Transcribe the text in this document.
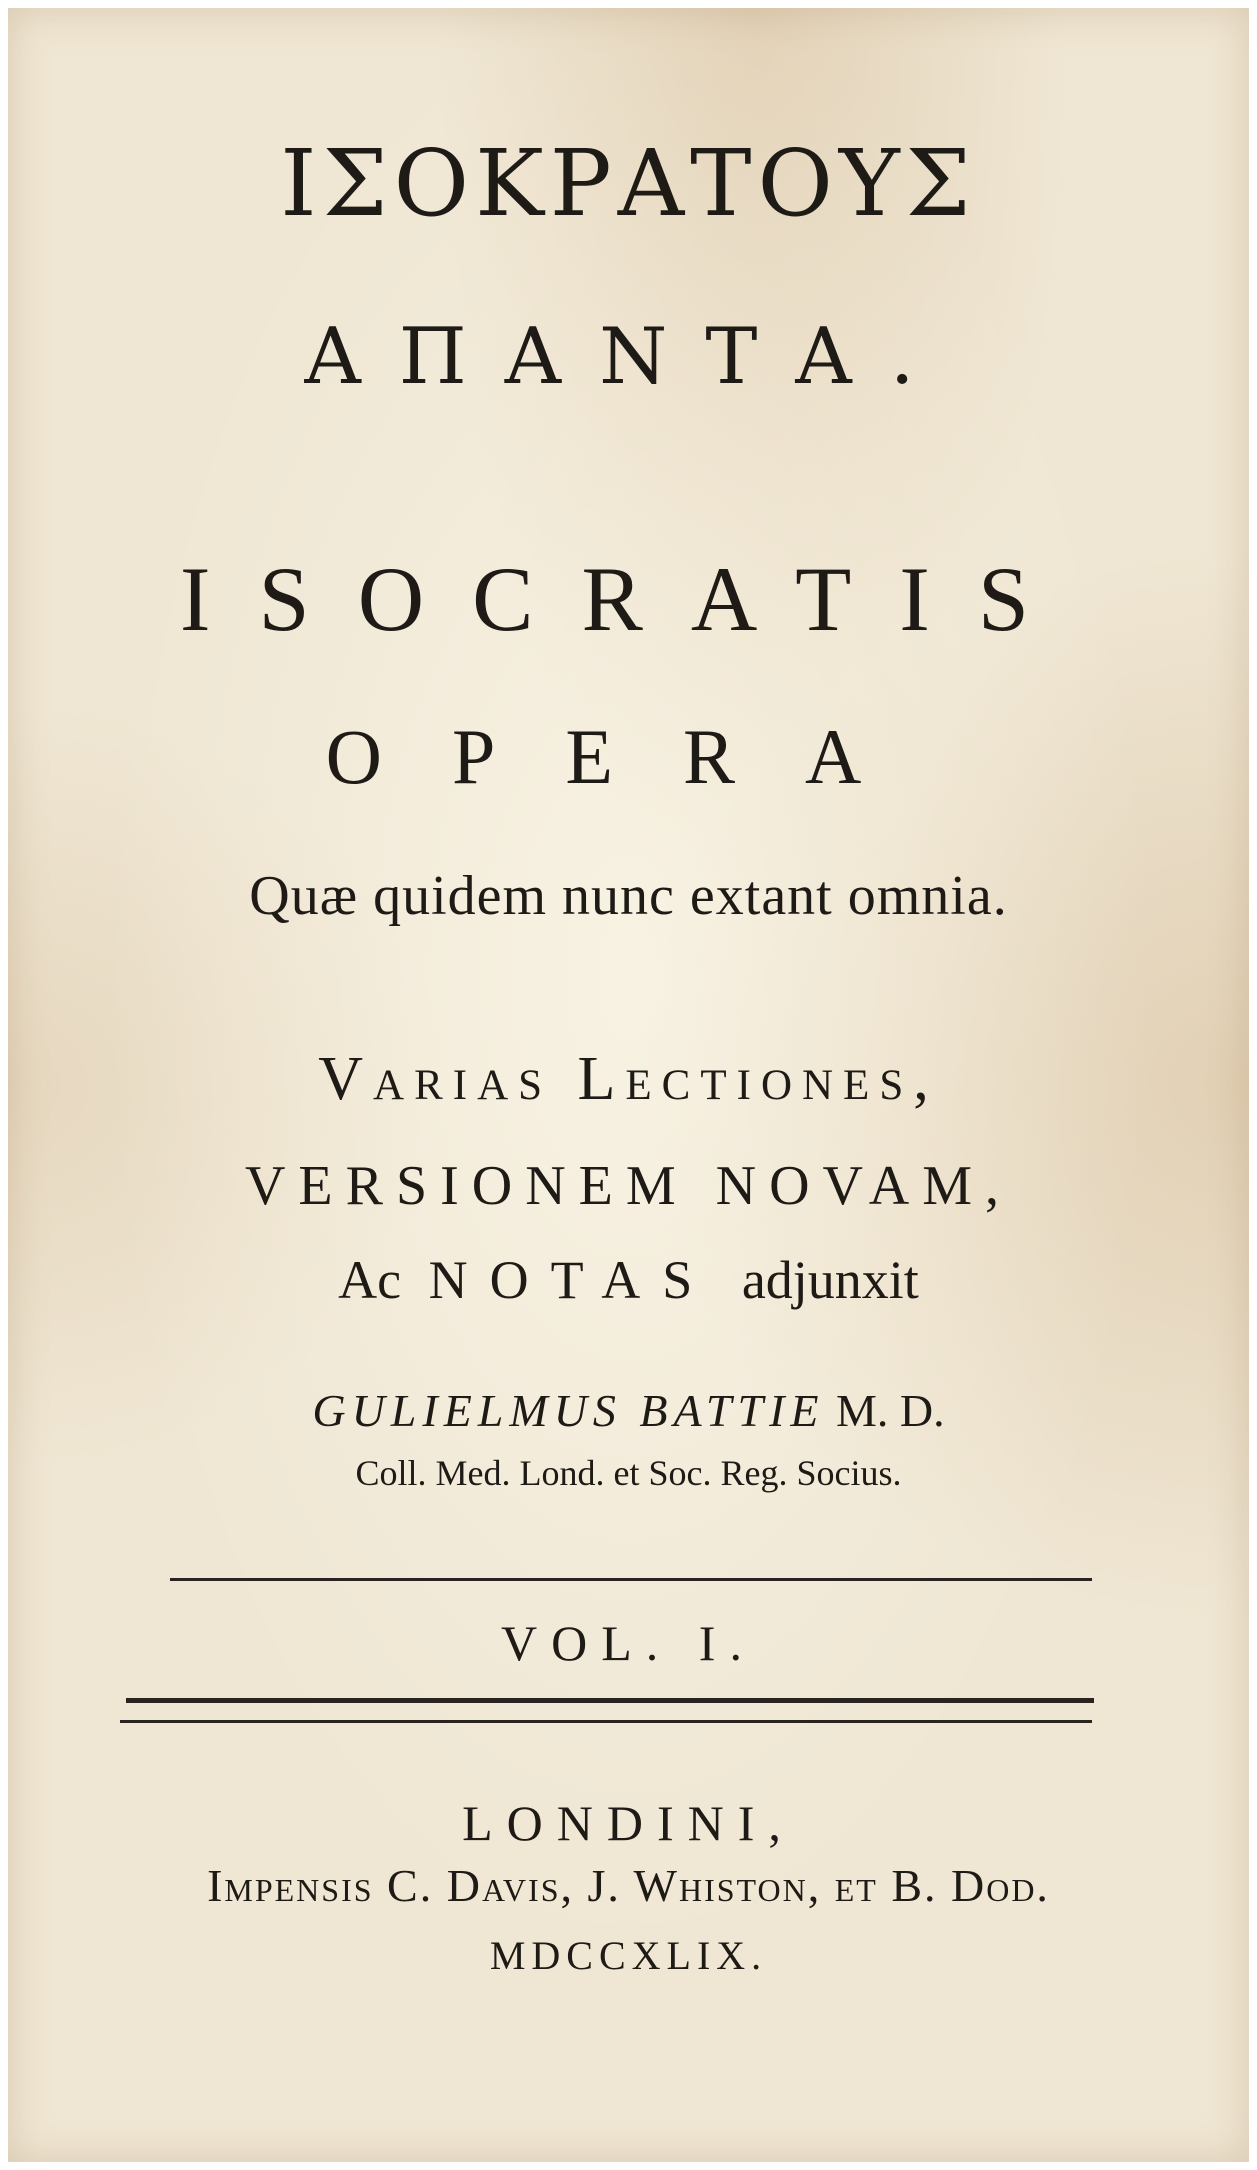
ΙΣΟΚΡΑΤΟΥΣ
ΑΠΑΝΤΑ.
ISOCRATIS
OPERA
Quæ quidem nunc extant omnia.
Varias Lectiones,
VERSIONEM NOVAM,
Ac NOTAS adjunxit
GULIELMUS BATTIE M. D.
Coll. Med. Lond. et Soc. Reg. Socius.
VOL. I.
LONDINI,
Impensis C. Davis, J. Whiston, et B. Dod.
MDCCXLIX.
